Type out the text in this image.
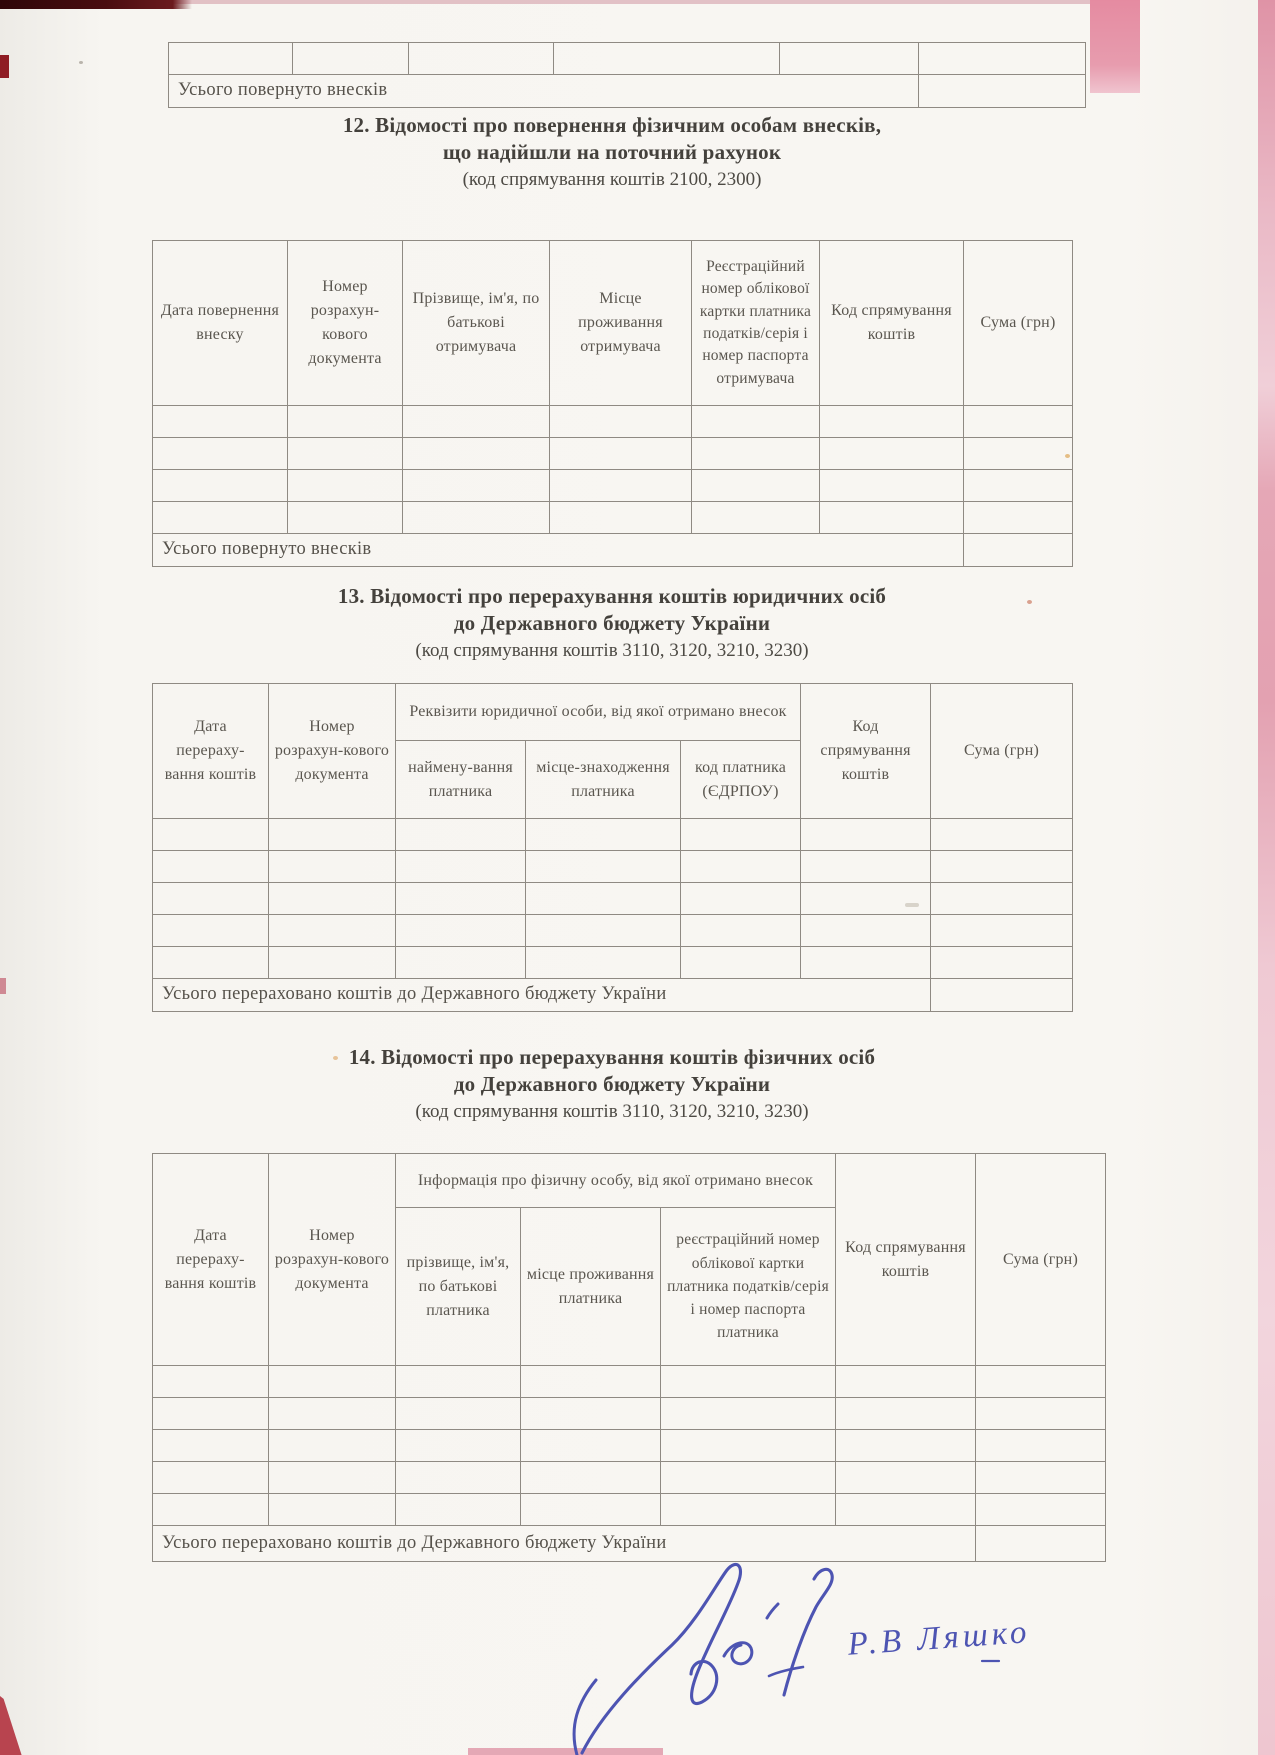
Усього повернуто внесків					
12. Відомості про повернення фізичним особам внесків,
що надійшли на поточний рахунок
(код спрямування коштів 2100, 2300)
Дата повернення внеску	Номер розрахун-кового документа	Прізвище, ім'я, по батькові отримувача	Місце проживання отримувача	Реєстраційний номер облікової картки платника податків/серія і номер паспорта отримувача	Код спрямування коштів	Сума (грн)

Усього повернуто внесків						
13. Відомості про перерахування коштів юридичних осіб
до Державного бюджету України
(код спрямування коштів 3110, 3120, 3210, 3230)
Дата перераху-вання коштів	Номер розрахун-кового документа	Реквізити юридичної особи, від якої отримано внесок			Код спрямування коштів	Сума (грн)
		наймену-вання платника	місце-знаходження платника	код платника (ЄДРПОУ)		

Усього перераховано коштів до Державного бюджету України						
14. Відомості про перерахування коштів фізичних осіб
до Державного бюджету України
(код спрямування коштів 3110, 3120, 3210, 3230)
Дата перераху-вання коштів	Номер розрахун-кового документа	Інформація про фізичну особу, від якої отримано внесок			Код спрямування коштів	Сума (грн)
		прізвище, ім'я, по батькові платника	місце проживання платника	реєстраційний номер облікової картки платника податків/серія і номер паспорта платника		

Усього перераховано коштів до Державного бюджету України						
Р.В Ляшко
